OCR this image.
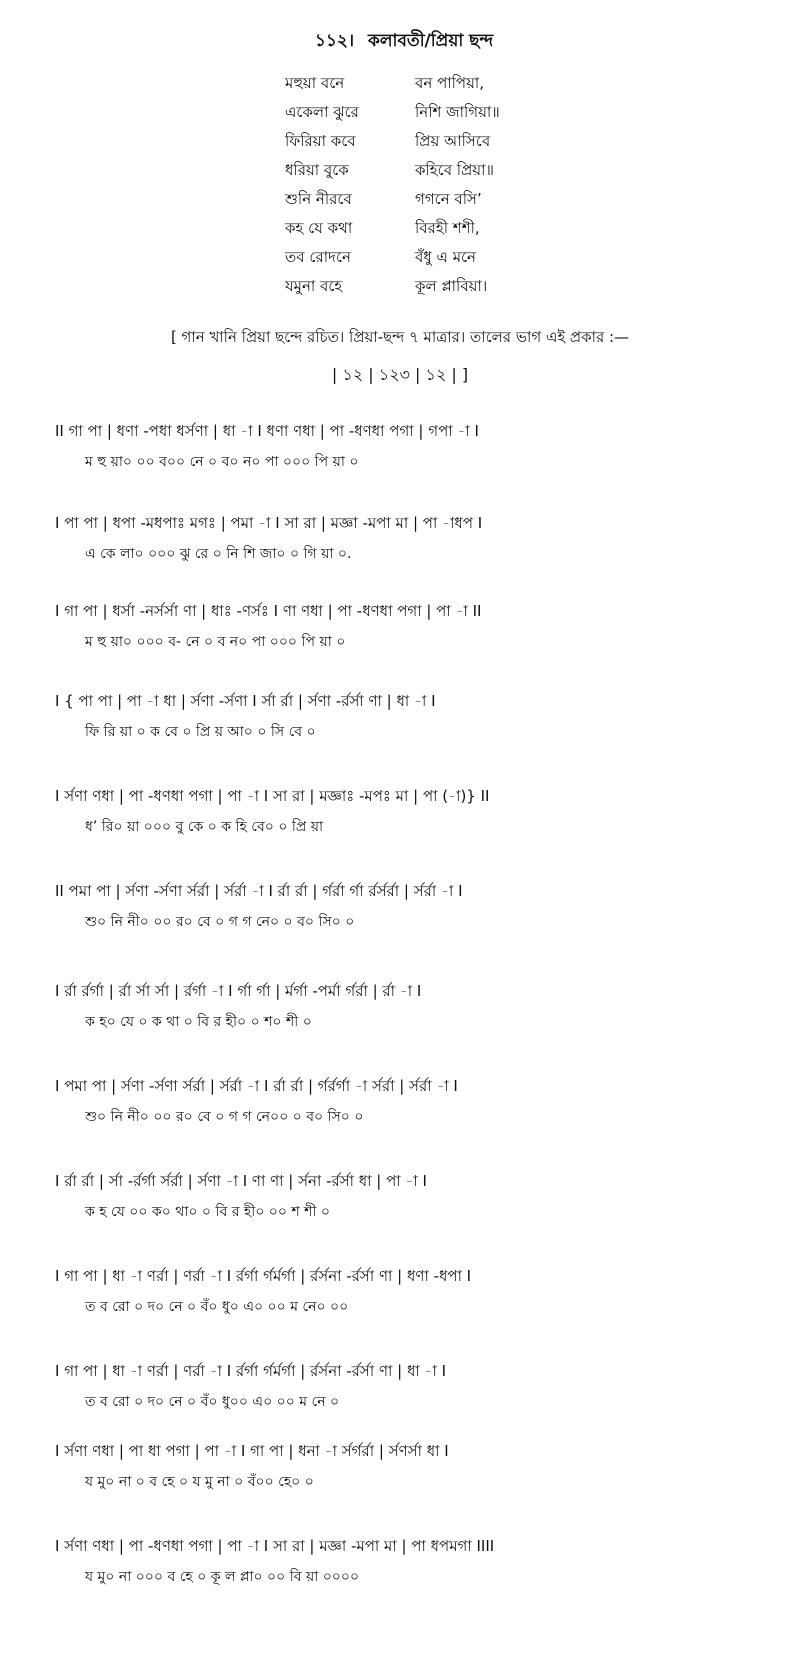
১১২। কলাবতী/প্রিয়া ছন্দ
মহুয়া বনে	বন পাপিয়া,
একেলা ঝুরে	নিশি জাগিয়া॥
ফিরিয়া কবে	প্রিয় আসিবে
ধরিয়া বুকে	কহিবে প্রিয়া॥
শুনি নীরবে	গগনে বসি’
কহ যে কথা	বিরহী শশী,
তব রোদনে	বঁধু এ মনে
যমুনা বহে	কূল প্লাবিয়া।
[ গান খানি প্রিয়া ছন্দে রচিত। প্রিয়া-ছন্দ ৭ মাত্রার। তালের ভাগ এই প্রকার :—
| ১২ | ১২৩ | ১২ | ]
II গা পা | ধণা -পধা ধর্সণা | ধা -া I ধণা ণধা | পা -ধণধা পগা | গপা -া I
ম হু য়া০ ০০ ব০০ নে ০ ব০ ন০ পা ০০০ পি য়া ০
I পা পা | ধপা -মধপাঃ মগঃ | পমা -া I সা রা | মজ্ঞা -মপা মা | পা -াধপ I
এ কে লা০ ০০০ ঝু রে ০ নি শি জা০ ০ গি য়া ০.
I গা পা | ধর্সা -নর্সর্সা ণা | ধাঃ -ণর্সঃ I ণা ণধা | পা -ধণধা পগা | পা -া II
ম হু য়া০ ০০০ ব- নে ০ ব ন০ পা ০০০ পি য়া ০
I { পা পা | পা -া ধা | র্সণা -র্সণা I র্সা র্রা | র্সণা -র্রর্সা ণা | ধা -া I
ফি রি য়া ০ ক বে ০ প্রি য় আ০ ০ সি বে ০
I র্সণা ণধা | পা -ধণধা পগা | পা -া I সা রা | মজ্ঞাঃ -মপঃ মা | পা (-া)} II
ধ’ রি০ য়া ০০০ বু কে ০ ক হি বে০ ০ প্রি য়া
II পমা পা | র্সণা -র্সণা র্সর্রা | র্সর্রা -া I র্রা র্রা | র্গর্রা র্গা র্রর্সর্রা | র্সর্রা -া I
শু০ নি নী০ ০০ র০ বে ০ গ গ নে০ ০ ব০ সি০ ০
I র্রা র্রর্গা | র্রা র্সা র্সা | র্রর্গা -া I র্গা র্গা | র্মর্গা -পর্মা র্গর্রা | র্রা -া I
ক হ০ যে ০ ক থা ০ বি র হী০ ০ শ০ শী ০
I পমা পা | র্সণা -র্সণা র্সর্রা | র্সর্রা -া I র্রা র্রা | র্গর্রর্গা -া র্সর্রা | র্সর্রা -া I
শু০ নি নী০ ০০ র০ বে ০ গ গ নে০০ ০ ব০ সি০ ০
I র্রা র্রা | র্সা -র্রর্গা র্সর্রা | র্সণা -া I ণা ণা | র্সনা -র্রর্সা ধা | পা -া I
ক হ যে ০০ ক০ থা০ ০ বি র হী০ ০০ শ শী ০
I গা পা | ধা -া ণর্রা | ণর্রা -া I র্রর্গা র্গর্মর্গা | র্রর্সনা -র্রর্সা ণা | ধণা -ধপা I
ত ব রো ০ দ০ নে ০ বঁ০ ধু০ এ০ ০০ ম নে০ ০০
I গা পা | ধা -া ণর্রা | ণর্রা -া I র্রর্গা র্গর্মর্গা | র্রর্সনা -র্রর্সা ণা | ধা -া I
ত ব রো ০ দ০ নে ০ বঁ০ ধু০০ এ০ ০০ ম নে ০
I র্সণা ণধা | পা ধা পগা | পা -া I গা পা | ধনা -া র্সর্গর্রা | র্সণর্সা ধা I
য মু০ না ০ ব হে ০ য মু না ০ বঁ০০ হে০ ০
I র্সণা ণধা | পা -ধণধা পগা | পা -া I সা রা | মজ্ঞা -মপা মা | পা ধপমগা IIII
য মু০ না ০০০ ব হে ০ কূ ল প্লা০ ০০ বি য়া ০০০০
